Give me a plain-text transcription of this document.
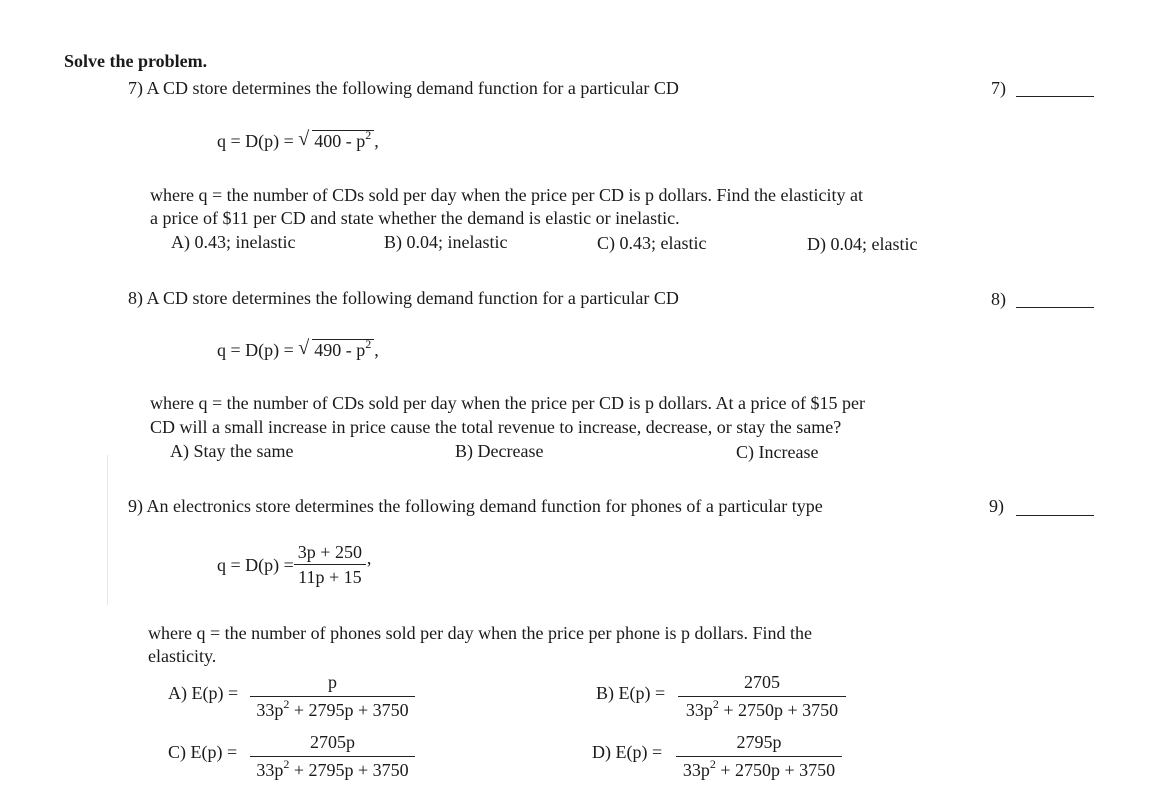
Solve the problem.
7) A CD store determines the following demand function for a particular CD	7)
q = D(p) = √ $400 - p^2$ ,
where q = the number of CDs sold per day when the price per CD is p dollars. Find the elasticity at
a price of $11 per CD and state whether the demand is elastic or inelastic.
A) 0.43; inelastic	B) 0.04; inelastic	C) 0.43; elastic	D) 0.04; elastic
8) A CD store determines the following demand function for a particular CD	8)
q = D(p) = √ $490 - p^2$ ,
where q = the number of CDs sold per day when the price per CD is p dollars. At a price of $15 per
CD will a small increase in price cause the total revenue to increase, decrease, or stay the same?
A) Stay the same	B) Decrease	C) Increase
9) An electronics store determines the following demand function for phones of a particular type	9)
$q = D(p) = \frac{3p + 250}{11p + 15}$ ’
where q = the number of phones sold per day when the price per phone is p dollars. Find the
elasticity.
A) E(p) =
p
$33p^2 + 2795p + 3750$
B) E(p) =
2705
$33p^2 + 2750p + 3750$
C) E(p) =	2705p
$33p^2 + 2795p + 3750$
D) E(p) =	2795p
$33p^2 + 2750p + 3750$
